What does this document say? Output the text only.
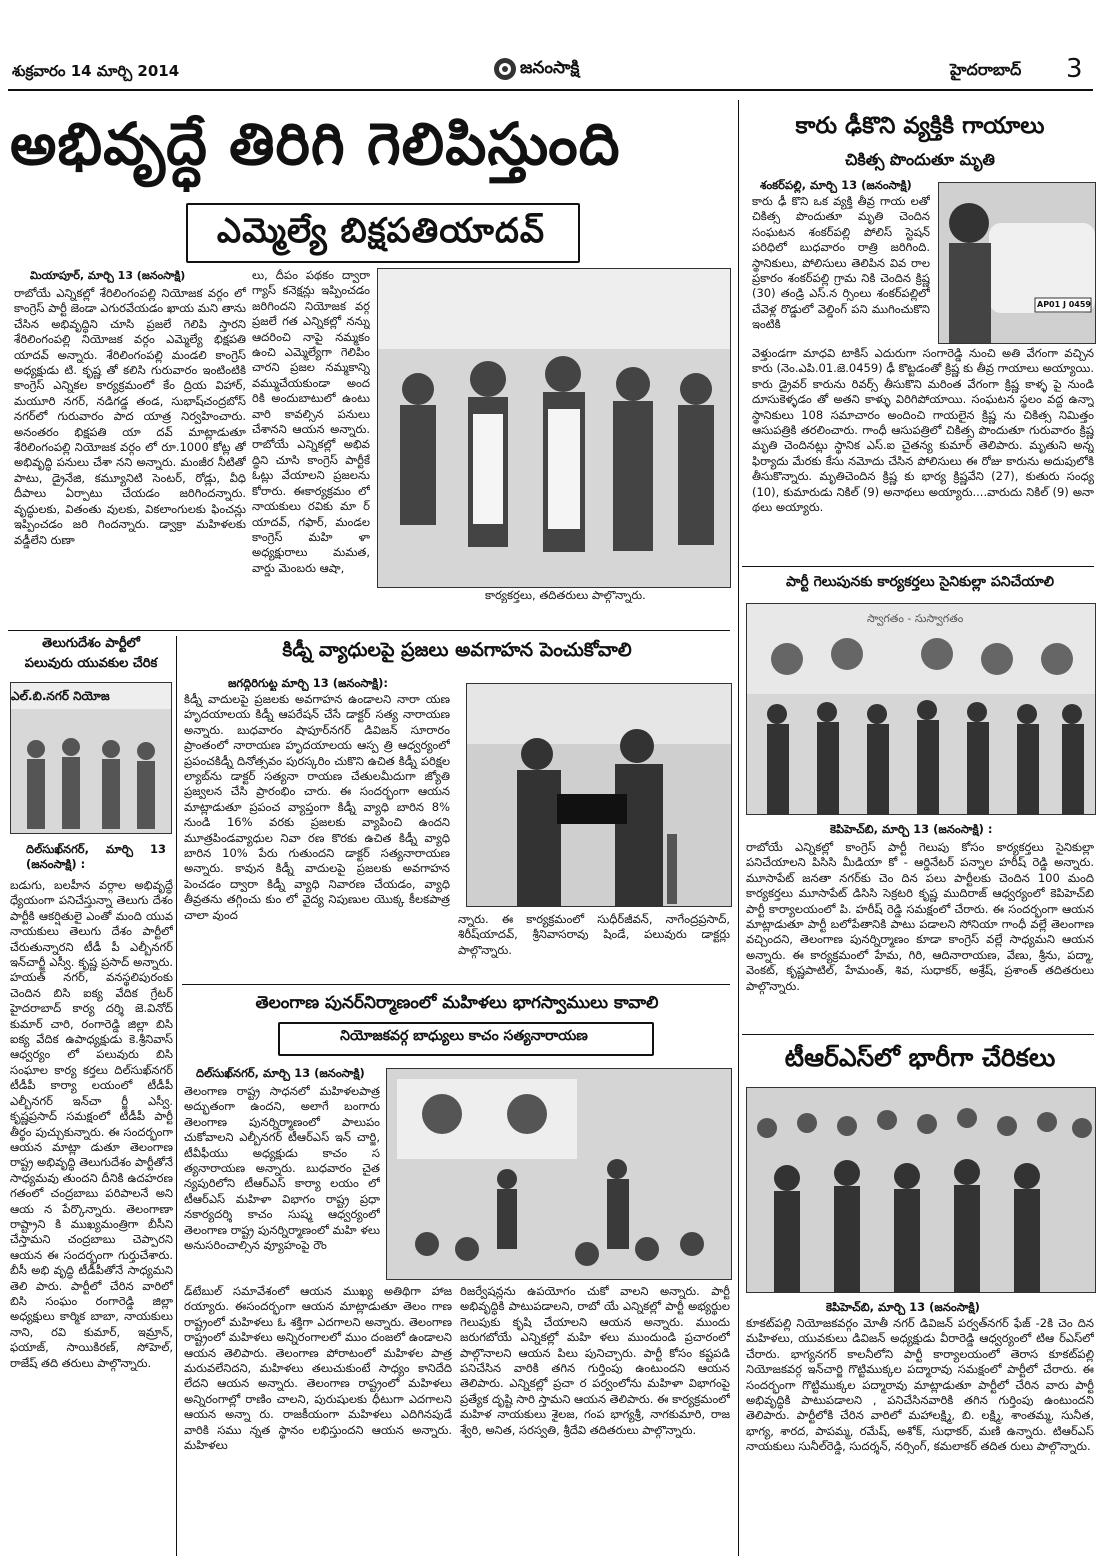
శుక్రవారం 14 మార్చి 2014	జనంసాక్షి	హైదరాబాద్ 3
అభివృద్ధే తిరిగి గెలిపిస్తుంది
ఎమ్మెల్యే బిక్షపతియాదవ్
మియాపూర్‌, మార్చి 13 (జనంసాక్షి)
రాబోయే ఎన్నికల్లో శేరిలింగంపల్లి నియోజక వర్గం లో కాంగ్రెస్‌ పార్టీ జెండా ఎగురవేయడం ఖాయ మని తాను చేసిన అభివృద్ధిని చూసి ప్రజలే గెలిపి స్తారని శేరిలింగంపల్లి నియోజక వర్గం ఎమ్మెల్యే భిక్షపతి యాదవ్‌ అన్నారు. శేరిలింగంపల్లి మండలి కాంగ్రెస్‌ అధ్యక్షుడు టి. కృష్ణ తో కలిసి గురువారం ఇంటింటికి కాంగ్రెస్‌ ఎన్నికల కార్యక్రమంలో కేం ద్రియ విహార్‌, మయూరి నగర్‌, నడిగడ్డ తండ, సుభాష్‌చంద్రబోస్‌ నగర్‌లో గురువారం పాద యాత్ర నిర్వహించారు. అనంతరం భిక్షపతి యా దవ్‌ మాట్లాడుతూ శేరిలింగంపల్లి నియోజక వర్గం లో రూ.1000 కోట్ల తో అభివృద్ధి పనులు చేశా నని అన్నారు. మంజీర నీటితో పాటు, డ్రైనేజి, కమ్యూనిటి సెంటర్‌, రోడ్లు, వీధి దీపాలు ఏర్పాటు చేయడం జరిగిందన్నారు. వృద్ధులకు, వితంతు వులకు, వికలాంగులకు ఫించన్లు ఇప్పించడం జరి గిందన్నారు. డ్వాక్రా మహిళలకు వడ్డీలేని రుణా
లు, దీపం పథకం ద్వారా గ్యాస్‌ కనెక్షన్లు ఇప్పించడం జరిగిందని నియోజక వర్గ ప్రజలే గత ఎన్నికల్లో నన్ను ఆదరించి నాపై నమ్మకం ఉంచి ఎమ్మెల్యేగా గెలిపిం చారని ప్రజల నమ్మకాన్ని వమ్ముచేయకుండా అంద రికి అందుబాటులో ఉంటు వారి కావల్సిన పనులు చేశానని ఆయన అన్నారు. రాబోయే ఎన్నికల్లో అభివ ద్ధిని చూసి కాంగ్రెస్‌ పార్టీకే ఓట్లు వేయాలని ప్రజలను కోరారు. ఈకార్యక్రమం లో నాయకులు రవికు మా ర్‌ యాదవ్‌, గఫార్‌, మండల కాంగ్రెస్‌ మహి ళా అధ్యక్షురాలు మమత, వార్డు మెంబరు ఆషా,
కార్యకర్తలు, తదితరులు పాల్గొన్నారు.
తెలుగుదేశం పార్టీలో
పలువురు యువకుల చేరిక
ఎల్‌.బి.నగర్‌ నియోజ
దిల్‌సుఖ్‌నగర్‌, మార్చి 13 (జనంసాక్షి) :
బడుగు, బలహీన వర్గాల అభివృద్ధే ధ్యేయంగా పనిచేస్తున్నా తెలుగు దేశం పార్టీకి ఆకర్షితులై ఎంతో మంది యువ నాయకులు తెలుగు దేశం పార్టీలో చేరుతున్నారని టీడీ పీ ఎల్బీనగర్‌ ఇన్‌చార్జీ ఎస్వీ. కృష్ణ ప్రసాద్‌ అన్నారు. హయత్‌ నగర్‌, వనస్థలిపురంకు చెందిన బిసి ఐక్య వేదిక గ్రేటర్‌ హైదరాబాద్‌ కార్య దర్శి జె.వినోద్‌ కుమార్‌ చారి, రంగారెడ్డి జిల్లా బిసి ఐక్య వేదిక ఉపాధ్యక్షుడు కె.శ్రీనివాస్‌ ఆధ్వర్యం లో పలువురు బిసి సంఘాల కార్య కర్తలు దిల్‌సుఖ్‌నగర్‌ టీడీపీ కార్యా లయంలో టీడీపీ ఎల్బీనగర్‌ ఇన్‌చా ర్జీ ఎస్వీ. కృష్ణప్రసాద్‌ సమక్షంలో టీడీపీ పార్టీ తీర్థం పుచ్చుకున్నారు. ఈ సందర్భంగా ఆయన మాట్లా డుతూ తెలంగాణ రాష్ట్ర అభివృద్ధి తెలుగుదేశం పార్టీతోనే సాధ్యమవు తుందని దీనికి ఉదహరణ గతంలో చంద్రబాబు పరిపాలనే అని ఆయ న పేర్కొన్నారు. తెలంగాణా రాష్ట్రాని కి ముఖ్యమంత్రిగా బీసీని చేస్తామని చంద్రబాబు చెప్పారని ఆయన ఈ సందర్భంగా గుర్తుచేశారు. బీసీ అభి వృద్ధి టీడీపీతోనే సాధ్యమని తెలి పారు. పార్టీలో చేరిన వారిలో బిసి సంఘం రంగారెడ్డి జిల్లా అధ్యక్షులు కార్మిక బాబా, నాయకులు నాని, రవి కుమార్‌, ఇమ్రాన్‌, ఫయాజ్‌, సాయికిరణ్‌, సోహెల్‌, రాజేష్‌ తది తరులు పాల్గొన్నారు.
కిడ్నీ వ్యాధులపై ప్రజలు అవగాహన పెంచుకోవాలి
జగద్గిరిగుట్ట మార్చి 13 (జనంసాక్షి):
కిడ్నీ వాదులపై ప్రజలకు అవగాహన ఉండాలని నారా యణ హృదయాలయ కిడ్నీ ఆపరేషన్‌ చేసే డాక్టర్‌ సత్య నారాయణ అన్నారు. బుధవారం షాపూర్‌నగర్‌ డివిజన్‌ సూరారం ప్రాంతంలో నారాయణ హృదయాలయ ఆస్ప త్రి ఆధ్వర్యంలో ప్రపంచకిడ్నీ దినోత్సవం పురస్కరిం చుకొని ఉచిత కిడ్నీ పరిక్షల ల్యాబ్‌ను డాక్టర్‌ సత్యనా రాయణ చేతులమీదుగా జ్యోతి ప్రజ్వలన చేసి ప్రారంభిం చారు. ఈ సందర్భంగా ఆయన మాట్లాడుతూ ప్రపంచ వ్యాప్తంగా కిడ్నీ వ్యాధి బారిన 8% నుండి 16% వరకు ప్రజలకు వ్యాపించి ఉందని మూత్రపిండవ్యాధుల నివా రణ కొరకు ఉచిత కిడ్నీ వ్యాధి బారిన 10% పేరు గుతుందని డాక్టర్‌ సత్యనారాయణ అన్నారు. కావున కిడ్నీ వాదులపై ప్రజలకు అవగాహన పెంచడం ద్వారా కిడ్నీ వ్యాధి నివారణ చేయడం, వ్యాధి తీవ్రతను తగ్గించు కుం లో వైద్య నిపుణుల యొక్క కీలకపాత్ర చాలా వుంద	న్నారు. ఈ కార్యక్రమంలో సుధీర్‌జీవన్‌, నాగేంద్రప్రసాద్‌, శిరీష్‌యాదవ్‌, శ్రీనివాసరావు షిండే, పలువురు డాక్టర్లు పాల్గొన్నారు.
తెలంగాణ పునర్‌నిర్మాణంలో మహిళలు భాగస్వాములు కావాలి
నియోజకవర్గ బాధ్యులు కాచం సత్యనారాయణ
దిల్‌సుఖ్‌నగర్‌, మార్చి 13 (జనంసాక్షి)
తెలంగాణ రాష్ట్ర సాధనలో మహిళలపాత్ర అద్భుతంగా ఉందని, అలాగే బంగారు తెలంగాణ పునర్నిర్మాణంలో పాలుపం చుకోవాలని ఎల్బీనగర్‌ టీఆర్‌ఎస్‌ ఇన్‌ చార్జి, టీవీఫీయు అధ్యక్షుడు కాచం స త్యనారాయణ అన్నారు. బుధవారం చైత న్యపురిలోని టీఆర్‌ఎస్‌ కార్యా లయం లో టీఆర్‌ఎస్‌ మహిళా విభాగం రాష్ట్ర ప్రధా నకార్యదర్శి కాచం సుష్మ ఆధ్వర్యంలో తెలంగాణ రాష్ట్ర పునర్నిర్మాణంలో మహి ళలు అనుసరించాల్సిన వ్యూహంపై రౌం
డ్‌టేబుల్‌ సమావేశంలో ఆయన ముఖ్య అతిథిగా హాజ రయ్యారు. ఈసందర్భంగా ఆయన మాట్లాడుతూ తెలం గాణ రాష్ట్రంలో మహిళలు ఓ శక్తిగా ఎదగాలని అన్నారు. తెలంగాణ రాష్ట్రంలో మహిళలు అన్నిరంగాలలో ముం దంజలో ఉండాలని ఆయన తెలిపారు. తెలంగాణ పోరాటంలో మహిళల పాత్ర మరువలేనిదని, మహిళలు తలుచుకుంటే సాధ్యం కానిదేది లేదని ఆయన అన్నారు. తెలంగాణ రాష్ట్రంలో మహిళలు అన్నిరంగాల్లో రాణిం చాలని, పురుషులకు ధీటుగా ఎదగాలని ఆయన అన్నా రు. రాజకీయంగా మహిళలు ఎదిగినపుడే వారికి సము న్నత స్థానం లభిస్తుందని ఆయన అన్నారు. మహిళలు
రిజర్వేషన్లను ఉపయోగం చుకో వాలని అన్నారు. పార్టీ అభివృద్ధికి పాటుపడాలని, రాబో యే ఎన్నికల్లో పార్టీ అభ్యర్థుల గెలుపుకు కృషి చేయాలని ఆయన అన్నారు. ముందు జరుగబోయే ఎన్నికల్లో మహి ళలు ముందుండి ప్రచారంలో పాల్గొనాలని ఆయన పిలు పునిచ్చారు. పార్టీ కోసం కష్టపడి పనిచేసిన వారికి తగిన గుర్తింపు ఉంటుందని ఆయన తెలిపారు. ఎన్నికల్లో ప్రచా ర పర్వంలోను మహిళా విభాగంపై ప్రత్యేక దృష్టి సారి స్తామని ఆయన తెలిపారు. ఈ కార్యక్రమంలో మహిళ నాయకులు శైలజ, గంప భాగ్యశ్రీ, నాగకుమారి, రాజ శ్వేరి, అనిత, సరస్వతి, శ్రీదేవి తదితరులు పాల్గొన్నారు.
కారు ఢీకొని వ్యక్తికి గాయాలు
చికిత్స పొందుతూ మృతి
శంకర్‌పల్లి, మార్చి 13 (జనంసాక్షి)
కారు ఢీ కొని ఒక వ్యక్తి తీవ్ర గాయ లతో చికిత్స పొందుతూ మృతి చెందిన సంఘటన శంకర్‌పల్లి పోలిస్‌ స్టెషన్‌ పరిధిలో బుధవారం రాత్రి జరిగింది. స్థానికులు, పోలిసులు తెలిపిన వివ రాల ప్రకారం శంకర్‌పల్లి గ్రామ నికి చెందిన క్రిష్ణ (30) తండ్రి ఎస్‌.న ర్సింలు శంకర్‌పల్లిలో చేవెళ్ల రొడ్డులో వెల్డింగ్‌ పని ముగించుకొని ఇంటికి
AP01 J 0459
వెళ్తుండగా మాధవి టాకిస్‌ ఎదురుగా సంగారెడ్డి నుంచి అతి వేగంగా వచ్చిన కారు (నెం.ఎపి.01.జె.0459) ఢీ కొట్టడంతో క్రిష్ణ కు తీవ్ర గాయాలు అయ్యాయి. కారు డ్రైవర్‌ కారును రివర్స్‌ తీసుకొని మరింత వేగంగా క్రిష్ణ కాళ్ళ పై నుండి దూసుకెళ్ళడం తో అతని కాళ్ళు విరిగిపోయాయి. సంఘటన స్థలం వద్ద ఉన్నా స్థానికులు 108 సమాచారం అందించి గాయలైన క్రిష్ణ ను చికిత్స నిమిత్తం ఆసుపత్రికి తరలించారు. గాంధీ ఆసుపత్రిలో చికిత్స పొందుతూ గురువారం క్రిష్ణ మృతి చెందినట్లు స్థానిక ఎస్‌.ఐ చైతన్య కుమార్‌ తెలిపారు. మృతుని అన్న ఫిర్యాదు మేరకు కేసు నమోదు చేసిన పోలిసులు ఈ రోజు కారును అదుపులోకి తీసుకొన్నారు. మృతిచెందిన క్రిష్ణ కు భార్య క్రిష్ణవేని (27), కుతురు సంధ్య (10), కుమారుడు నికిల్‌ (9) అనాథలు అయ్యారు....వారుదు నికిల్‌ (9) అనా థలు అయ్యారు.
పార్టీ గెలుపునకు కార్యకర్తలు సైనికుల్లా పనిచేయాలి
స్వాగతం - సుస్వాగతం
కెపిహెచ్‌బి, మార్చి 13 (జనంసాక్షి) :
రాబోయే ఎన్నికల్లో కాంగ్రెస్‌ పార్టీ గెలుపు కోసం కార్యకర్తలు సైనికుల్లా పనిచేయాలని పిసిసి మీడియా కో - ఆర్డినేటర్‌ పన్నాల హరీష్‌ రెడ్డి అన్నారు. మూసాపేట్‌ జనతా నగర్‌కు చెం దిన పలు పార్టీలకు చెందిన 100 మంది కార్యకర్తలు మూసాపేట్‌ డిసిసి సెక్రటరి కృష్ణ ముదిరాజ్‌ ఆధ్వర్యంలో కెపిహెచ్‌బి పార్టీ కార్యాలయంలో పి. హరీష్‌ రెడ్డి సమక్షంలో చేరారు. ఈ సందర్భంగా ఆయన మాట్లాడుతూ పార్టీ బలోపేతానికి పాటు పడాలని సోనియా గాంధీ వల్లే తెలంగాణ వచ్చిందని, తెలంగాణ పునర్నిర్మాణం కూడా కాంగ్రెస్‌ వల్లే సాధ్యమని ఆయన అన్నారు. ఈ కార్యక్రమంలో హేమ, గిరి, ఆదినారాయణ, వేణు, శ్రీను, పద్మా, వెంకట్‌, కృష్ణపాటిల్‌, హేమంత్‌, శివ, సుధాకర్‌, అశ్రేష్‌, ప్రశాంత్‌ తదితరులు పాల్గొన్నారు.
టీఆర్‌ఎస్‌లో భారీగా చేరికలు
కెపిహెచ్‌బి, మార్చి 13 (జనంసాక్షి)
కూకట్‌పల్లి నియోజకవర్గం మోతీ నగర్‌ డివిజన్‌ పర్వత్‌నగర్‌ ఫేజ్‌ -2కి చెం దిన మహిళలు, యువకులు డివిజన్‌ అధ్యక్షుడు వీరారెడ్డి ఆధ్వర్యంలో టిఆ ర్‌ఎస్‌లో చేరారు. భాగ్యనగర్‌ కాలనీలోని పార్టీ కార్యాలయంలో తెరాస కూకట్‌పల్లి నియోజకవర్గ ఇన్‌చార్జి గొట్టిముక్కల పద్మారావు సమక్షంలో పార్టీలో చేరారు. ఈ సందర్భంగా గొట్టిముక్కల పద్మారావు మాట్లాడుతూ పార్టీలో చేరిన వారు పార్టీ అభివృద్ధికి పాటుపడాలని , పనిచేసినవారికి తగిన గుర్తింపు ఉంటుందని తెలిపారు. పార్టీలోకి చేరిన వారిలో మహాలక్ష్మి, బి. లక్ష్మి, శాంతమ్మ, సునీత, భాగ్య, శారద, పాపమ్మ, రమేష్‌, అశోక్‌, సుధాకర్‌, మణి ఉన్నారు. టిఆర్‌ఎస్‌ నాయకులు సునీల్‌రెడ్డి, సుదర్శన్‌, నర్సింగ్‌, కమలాకర్‌ తదిత రులు పాల్గొన్నారు.
